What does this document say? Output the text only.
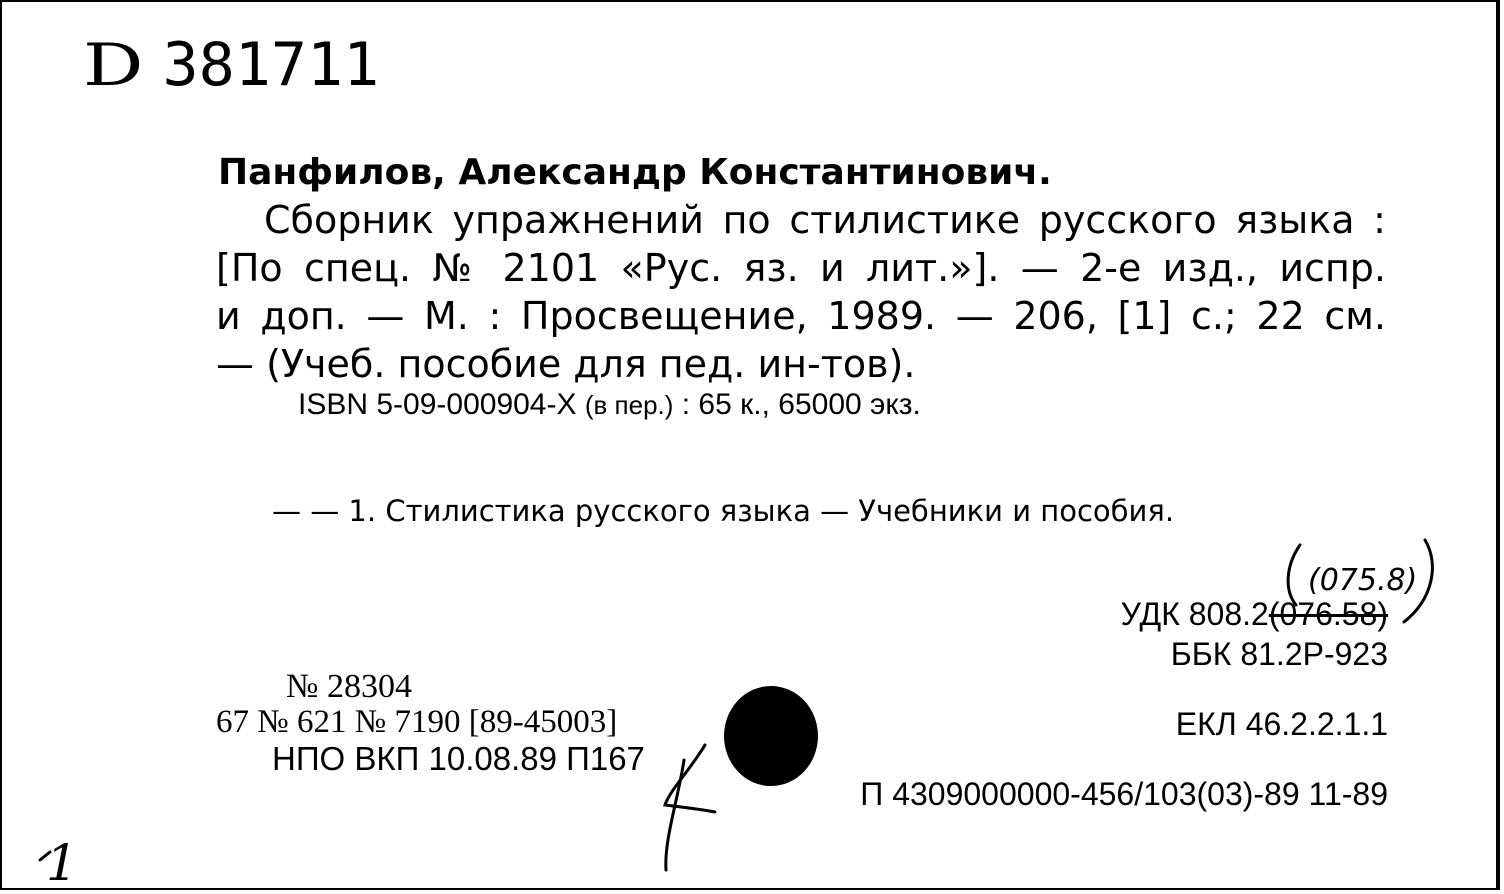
D 381711
Панфилов, Александр Константинович.
Сборник упражнений по стилистике русского языка :
[По спец. № 2101 «Рус. яз. и лит.»]. — 2-е изд., испр.
и доп. — М. : Просвещение, 1989. — 206, [1] с.; 22 см.
— (Учеб. пособие для пед. ин-тов).
ISBN 5-09-000904-X (в пер.) : 65 к., 65000 экз.
— — 1. Стилистика русского языка — Учебники и пособия.
УДК 808.2(076.58)
ББК 81.2Р-923
ЕКЛ 46.2.2.1.1
П 4309000000-456/103(03)-89 11-89
№ 28304
67 № 621 № 7190 [89-45003]
НПО ВКП 10.08.89 П167
(075.8)
1
